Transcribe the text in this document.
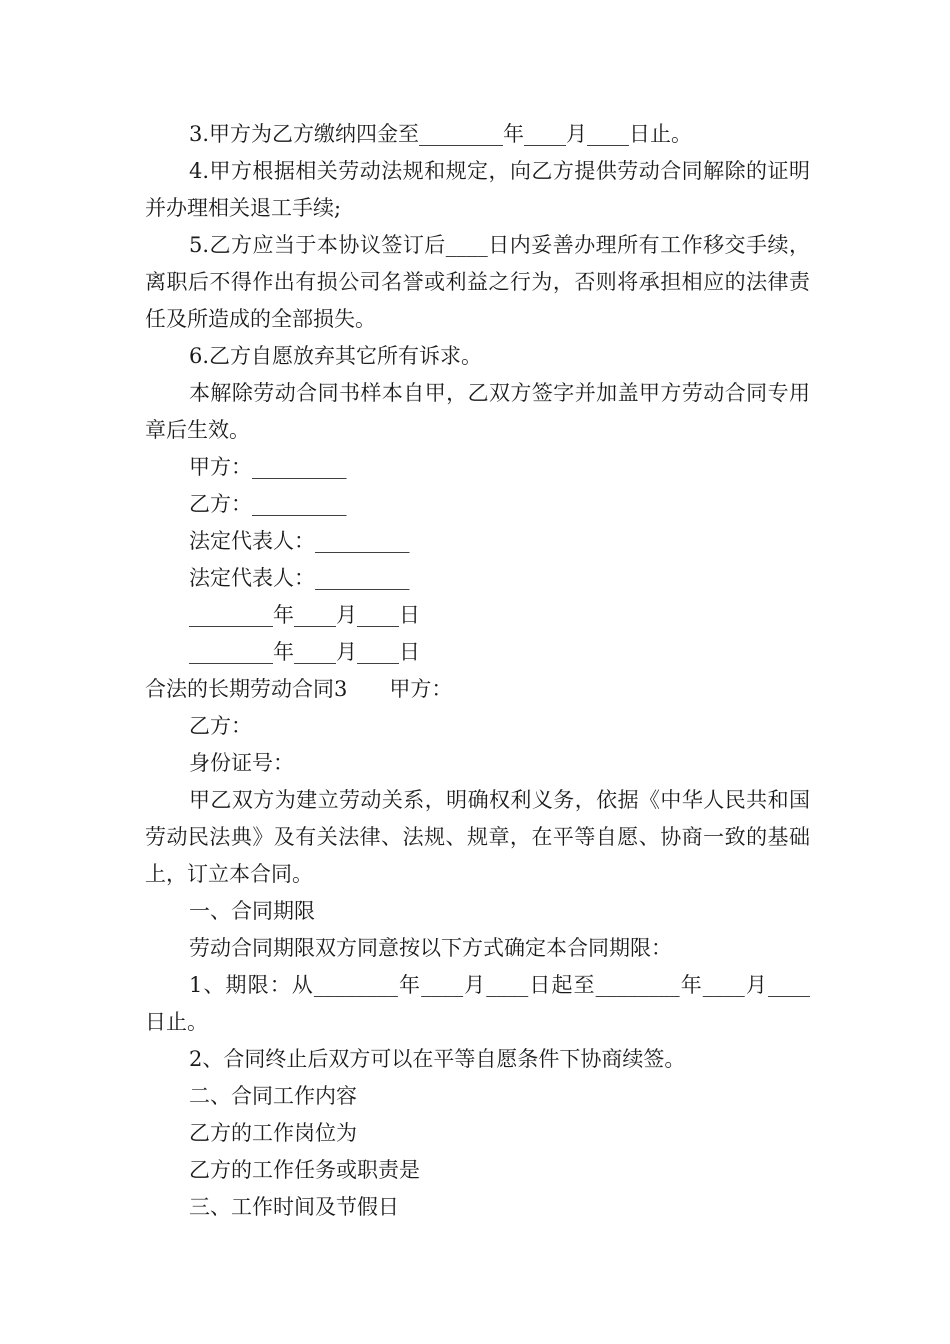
3.甲方为乙方缴纳四金至________年____月____日止。

4.甲方根据相关劳动法规和规定，向乙方提供劳动合同解除的证明并办理相关退工手续;

5.乙方应当于本协议签订后____日内妥善办理所有工作移交手续，离职后不得作出有损公司名誉或利益之行为，否则将承担相应的法律责任及所造成的全部损失。

6.乙方自愿放弃其它所有诉求。

本解除劳动合同书样本自甲，乙双方签字并加盖甲方劳动合同专用章后生效。

甲方：_________

乙方：_________

法定代表人：_________

法定代表人：_________

________年____月____日

________年____月____日

合法的长期劳动合同3　　甲方：

乙方：

身份证号：

甲乙双方为建立劳动关系，明确权利义务，依据《中华人民共和国劳动民法典》及有关法律、法规、规章，在平等自愿、协商一致的基础上，订立本合同。

一、合同期限

劳动合同期限双方同意按以下方式确定本合同期限：

1、期限：从________年____月____日起至________年____月____日止。

2、合同终止后双方可以在平等自愿条件下协商续签。

二、合同工作内容

乙方的工作岗位为

乙方的工作任务或职责是

三、工作时间及节假日
